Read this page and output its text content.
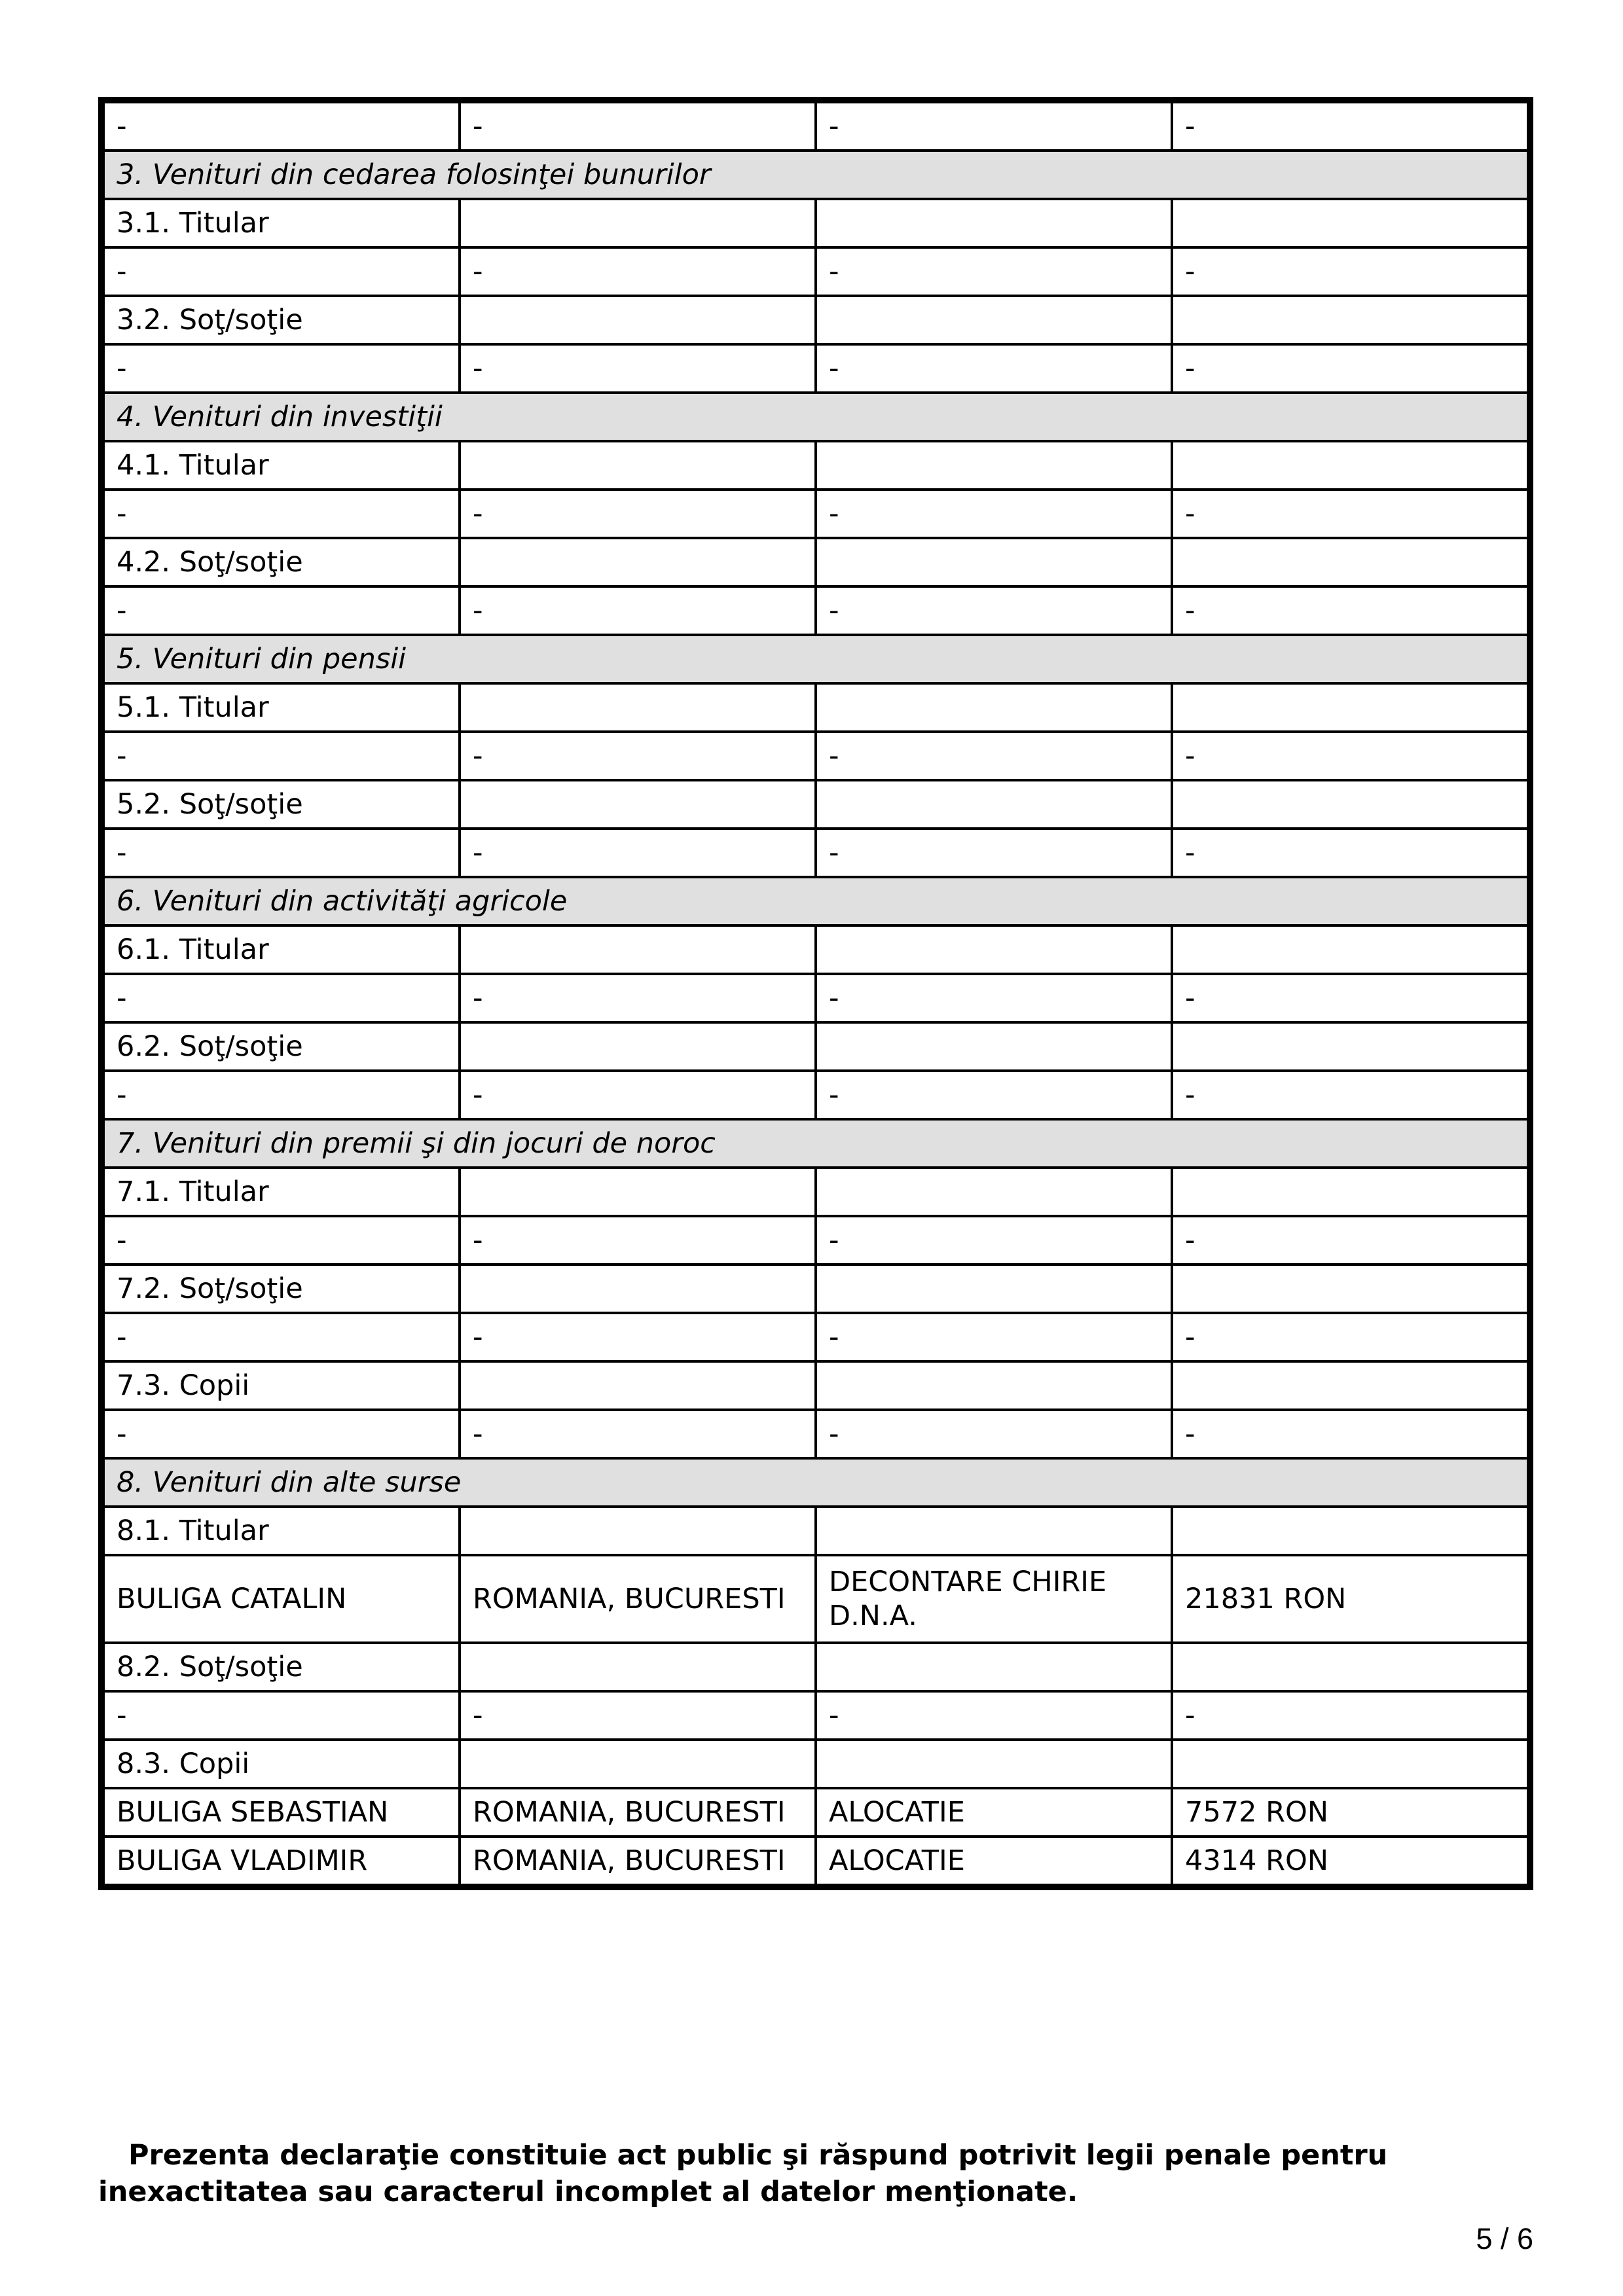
-	-	-	-
3. Venituri din cedarea folosinţei bunurilor			
3.1. Titular			
-	-	-	-
3.2. Soţ/soţie			
-	-	-	-
4. Venituri din investiţii			
4.1. Titular			
-	-	-	-
4.2. Soţ/soţie			
-	-	-	-
5. Venituri din pensii			
5.1. Titular			
-	-	-	-
5.2. Soţ/soţie			
-	-	-	-
6. Venituri din activităţi agricole			
6.1. Titular			
-	-	-	-
6.2. Soţ/soţie			
-	-	-	-
7. Venituri din premii şi din jocuri de noroc			
7.1. Titular			
-	-	-	-
7.2. Soţ/soţie			
-	-	-	-
7.3. Copii			
-	-	-	-
8. Venituri din alte surse			
8.1. Titular			
BULIGA CATALIN	ROMANIA, BUCURESTI	DECONTARE CHIRIE D.N.A.	21831 RON
8.2. Soţ/soţie			
-	-	-	-
8.3. Copii			
BULIGA SEBASTIAN	ROMANIA, BUCURESTI	ALOCATIE	7572 RON
BULIGA VLADIMIR	ROMANIA, BUCURESTI	ALOCATIE	4314 RON

Prezenta declaraţie constituie act public şi răspund potrivit legii penale pentru inexactitatea sau caracterul incomplet al datelor menţionate.

5 / 6
